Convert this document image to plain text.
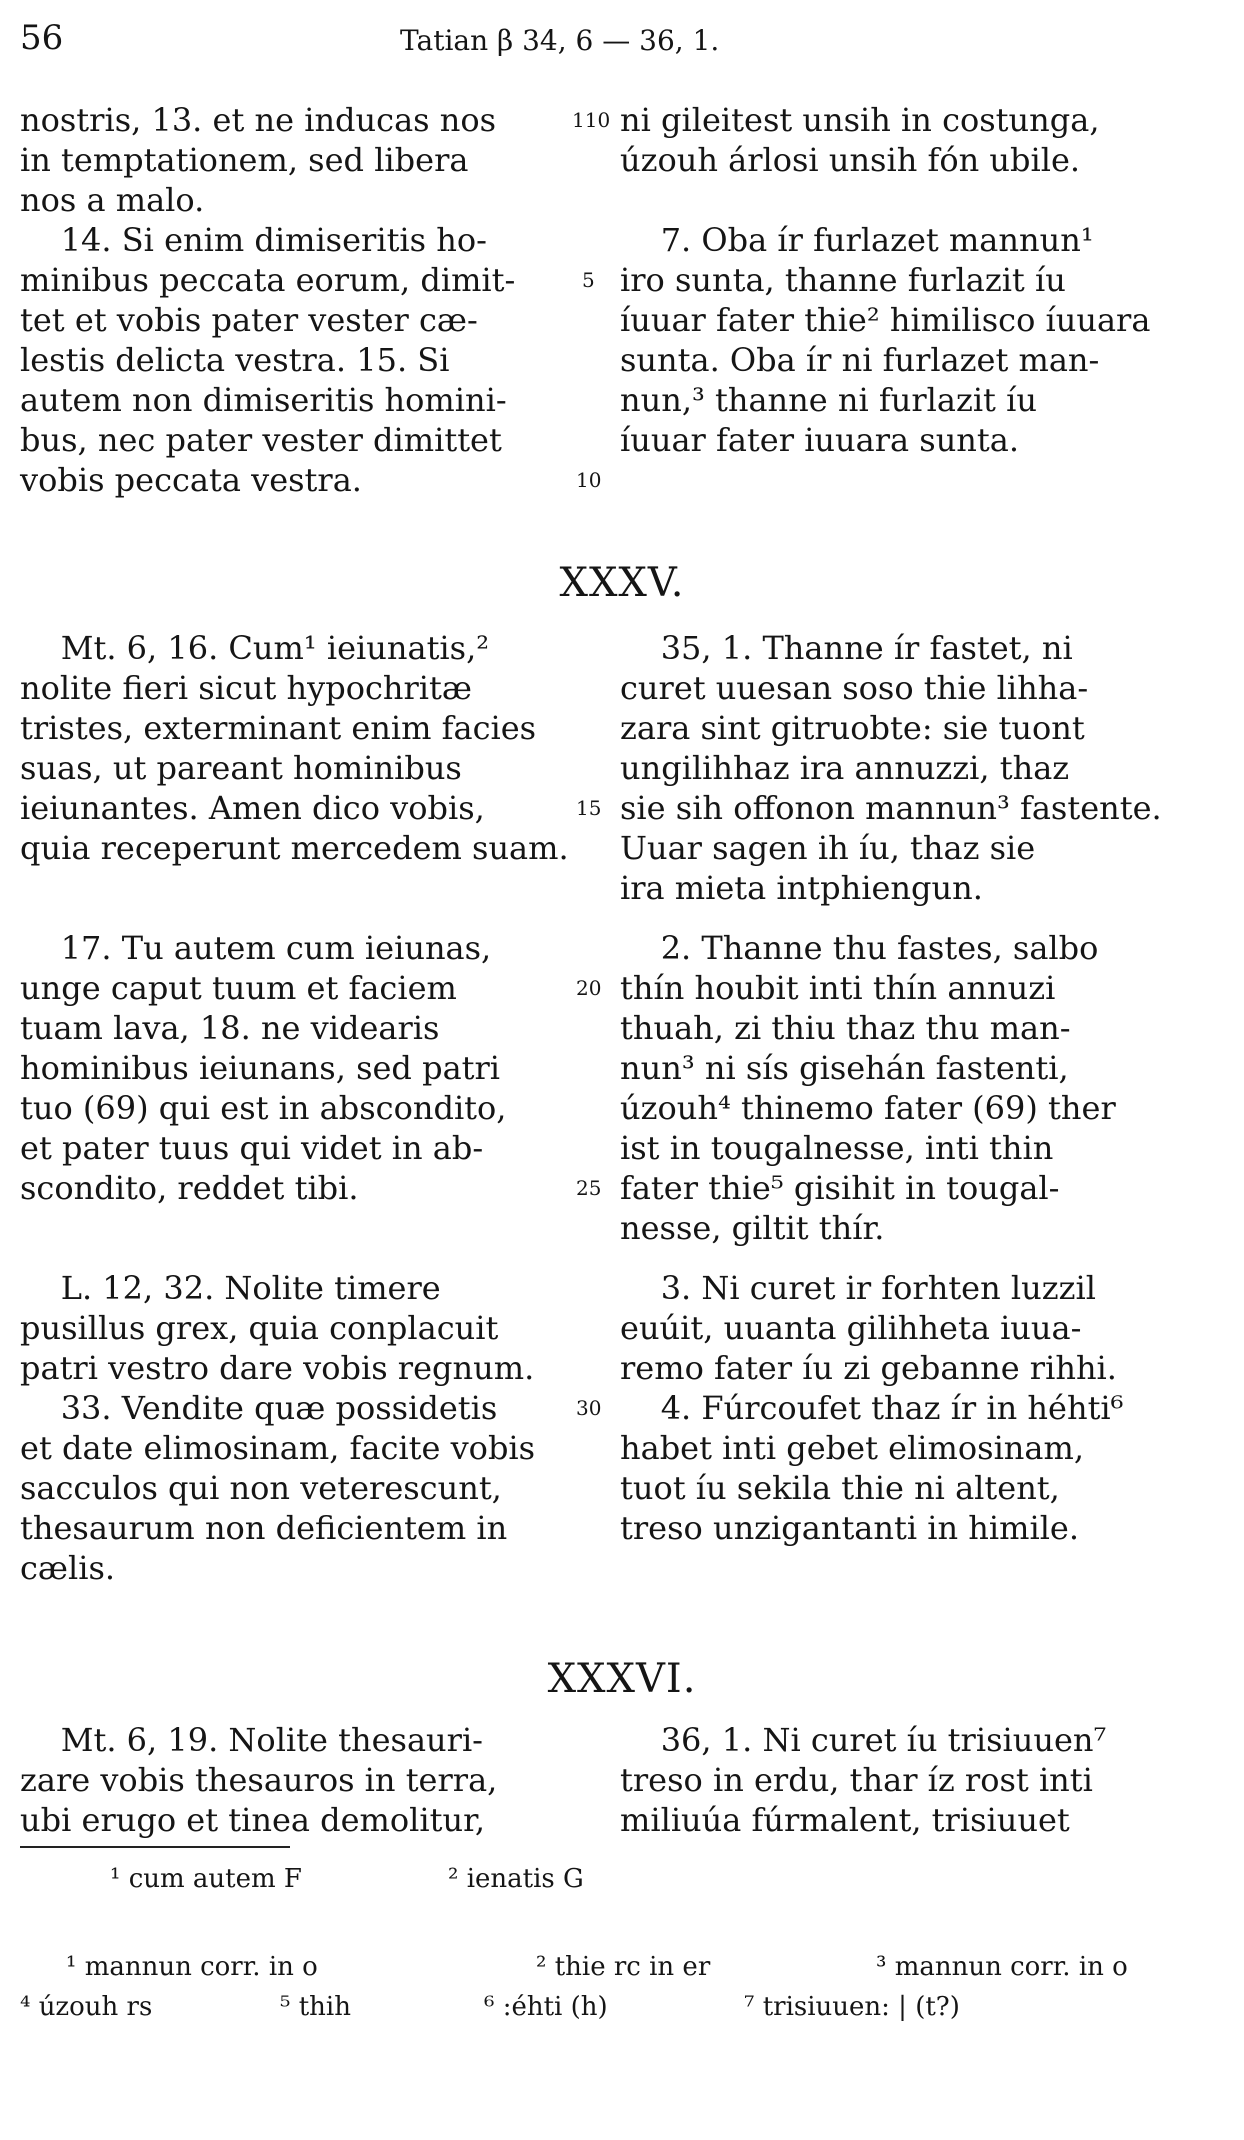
56	Tatian β 34, 6 — 36, 1.
nostris, 13. et ne inducas nos
in temptationem, sed libera
nos a malo.
14. Si enim dimiseritis ho-
minibus peccata eorum, dimit-
tet et vobis pater vester cæ-
lestis delicta vestra. 15. Si
autem non dimiseritis homini-
bus, nec pater vester dimittet
vobis peccata vestra.
ni gileitest unsih in costunga,
úzouh árlosi unsih fón ubile.

7. Oba ír furlazet mannun¹
iro sunta, thanne furlazit íu
íuuar fater thie² himilisco íuuara
sunta. Oba ír ni furlazet man-
nun,³ thanne ni furlazit íu
íuuar fater iuuara sunta.
110
5
10
XXXV.
Mt. 6, 16. Cum¹ ieiunatis,²
nolite fieri sicut hypochritæ
tristes, exterminant enim facies
suas, ut pareant hominibus
ieiunantes. Amen dico vobis,
quia receperunt mercedem suam.
35, 1. Thanne ír fastet, ni
curet uuesan soso thie lihha-
zara sint gitruobte: sie tuont
ungilihhaz ira annuzzi, thaz
sie sih offonon mannun³ fastente.
Uuar sagen ih íu, thaz sie
ira mieta intphiengun.
15
17. Tu autem cum ieiunas,
unge caput tuum et faciem
tuam lava, 18. ne videaris
hominibus ieiunans, sed patri
tuo (69) qui est in abscondito,
et pater tuus qui videt in ab-
scondito, reddet tibi.
2. Thanne thu fastes, salbo
thín houbit inti thín annuzi
thuah, zi thiu thaz thu man-
nun³ ni sís gisehán fastenti,
úzouh⁴ thinemo fater (69) ther
ist in tougalnesse, inti thin
fater thie⁵ gisihit in tougal-
nesse, giltit thír.
20
25
L. 12, 32. Nolite timere
pusillus grex, quia conplacuit
patri vestro dare vobis regnum.
33. Vendite quæ possidetis
et date elimosinam, facite vobis
sacculos qui non veterescunt,
thesaurum non deficientem in
cælis.
3. Ni curet ir forhten luzzil
euúit, uuanta gilihheta iuua-
remo fater íu zi gebanne rihhi.
4. Fúrcoufet thaz ír in héhti⁶
habet inti gebet elimosinam,
tuot íu sekila thie ni altent,
treso unzigantanti in himile.
30
XXXVI.
Mt. 6, 19. Nolite thesauri-
zare vobis thesauros in terra,
ubi erugo et tinea demolitur,
36, 1. Ni curet íu trisiuuen⁷
treso in erdu, thar íz rost inti
miliuúa fúrmalent, trisiuuet
¹ cum autem F	² ienatis G
¹ mannun corr. in o	² thie rc in er	³ mannun corr. in o
⁴ úzouh rs	⁵ thih	⁶ :éhti (h)	⁷ trisiuuen: | (t?)
